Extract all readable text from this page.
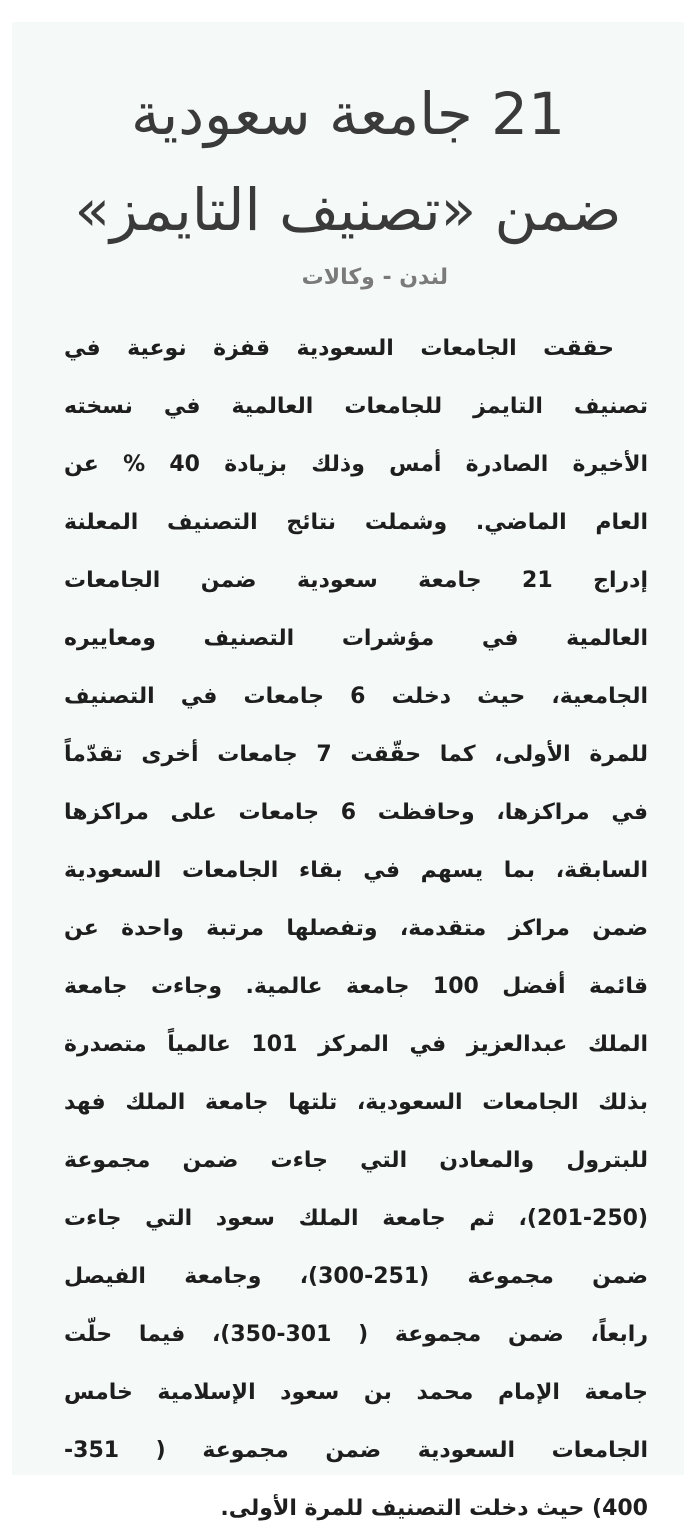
21 جامعة سعودية
ضمن «تصنيف التايمز»
لندن - وكالات
حققت الجامعات السعودية قفزة نوعية في
تصنيف التايمز للجامعات العالمية في نسخته
الأخيرة الصادرة أمس وذلك بزيادة 40 % عن
العام الماضي. وشملت نتائج التصنيف المعلنة
إدراج 21 جامعة سعودية ضمن الجامعات
العالمية في مؤشرات التصنيف ومعاييره
الجامعية، حيث دخلت 6 جامعات في التصنيف
للمرة الأولى، كما حقّقت 7 جامعات أخرى تقدّماً
في مراكزها، وحافظت 6 جامعات على مراكزها
السابقة، بما يسهم في بقاء الجامعات السعودية
ضمن مراكز متقدمة، وتفصلها مرتبة واحدة عن
قائمة أفضل 100 جامعة عالمية. وجاءت جامعة
الملك عبدالعزيز في المركز 101 عالمياً متصدرة
بذلك الجامعات السعودية، تلتها جامعة الملك فهد
للبترول والمعادن التي جاءت ضمن مجموعة
(201-250)، ثم جامعة الملك سعود التي جاءت
ضمن مجموعة (251-300)، وجامعة الفيصل
رابعاً، ضمن مجموعة ( 301-350)، فيما حلّت
جامعة الإمام محمد بن سعود الإسلامية خامس
الجامعات السعودية ضمن مجموعة ( 351-
400) حيث دخلت التصنيف للمرة الأولى.
